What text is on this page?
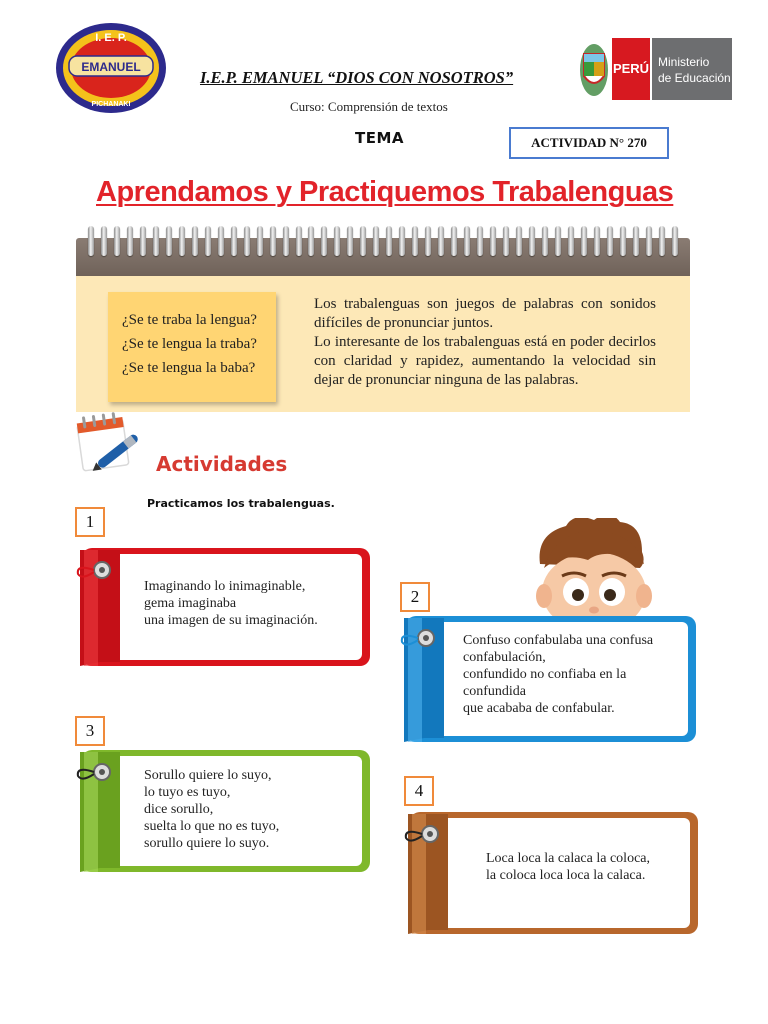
I. E. P.
EMANUEL
PICHANAKI
I.E.P. EMANUEL “DIOS CON NOSOTROS”
Curso: Comprensión de textos
TEMA	ACTIVIDAD N° 270
PERÚ Ministerio
de Educación
Aprendamos y Practiquemos Trabalenguas
¿Se te traba la lengua?
¿Se te lengua la traba?
¿Se te lengua la baba?

Los trabalenguas son juegos de palabras con sonidos difíciles de pronunciar juntos.

Lo interesante de los trabalenguas está en poder decirlos con claridad y rapidez, aumentando la velocidad sin dejar de pronunciar ninguna de las palabras.

Actividades
Practicamos los trabalenguas.
1
2
3
4
Imaginando lo inimaginable,
gema imaginaba
una imagen de su imaginación.
Confuso confabulaba una confusa
confabulación,
confundido no confiaba en la
confundida
que acababa de confabular.
Sorullo quiere lo suyo,
lo tuyo es tuyo,
dice sorullo,
suelta lo que no es tuyo,
sorullo quiere lo suyo.
Loca loca la calaca la coloca,
la coloca loca loca la calaca.
